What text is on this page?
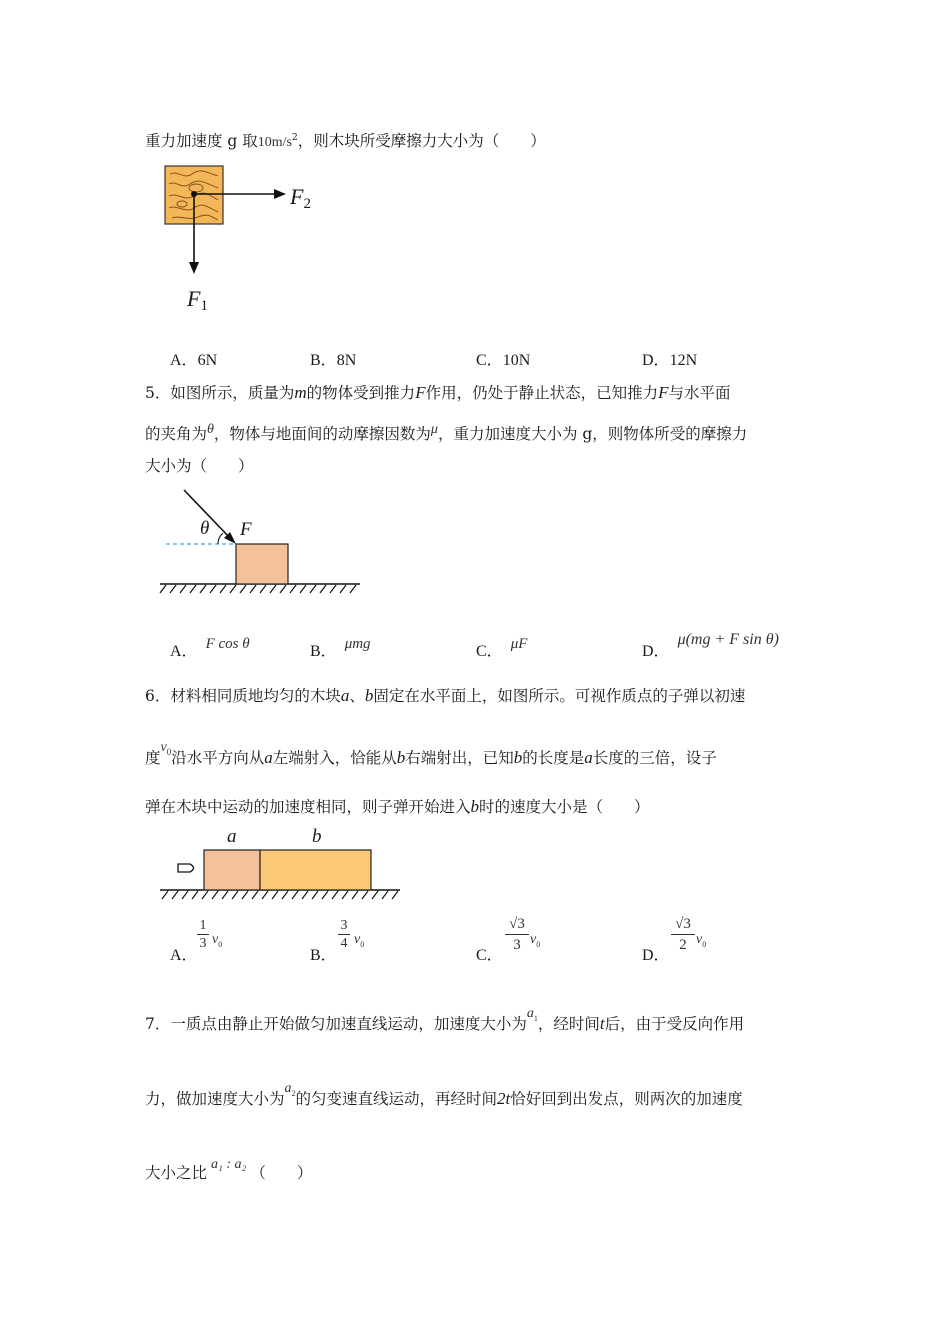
重力加速度 g 取$10m/s^2$，则木块所受摩擦力大小为（　　）
$F_2$
$F_1$
A．6N	B．8N	C．10N	D．12N
5．如图所示，质量为m的物体受到推力F作用，仍处于静止状态，已知推力F与水平面
的夹角为$^\theta$，物体与地面间的动摩擦因数为$^\mu$，重力加速度大小为 g，则物体所受的摩擦力
大小为（　　）
θ F
A． F cos θ	B． μmg	C． μF	D．μ(mg + F sin θ)
6．材料相同质地均匀的木块a、b固定在水平面上，如图所示。可视作质点的子弹以初速
度$v_0$沿水平方向从a左端射入，恰能从b右端射出，已知b的长度是a长度的三倍，设子
弹在木块中运动的加速度相同，则子弹开始进入b时的速度大小是（　　）
a	b
A．
$\frac{1}{3} v_0$
B．
$\frac{3}{4} v_0$
C．
$\frac{√3}{3} v_0$
D．
$\frac{√3}{2} v_0$
7．一质点由静止开始做匀加速直线运动，加速度大小为$a_1$，经时间t后，由于受反向作用
力，做加速度大小为$a_2$的匀变速直线运动，再经时间2t恰好回到出发点，则两次的加速度
大小之比 a₁ : a₂ （　　）
